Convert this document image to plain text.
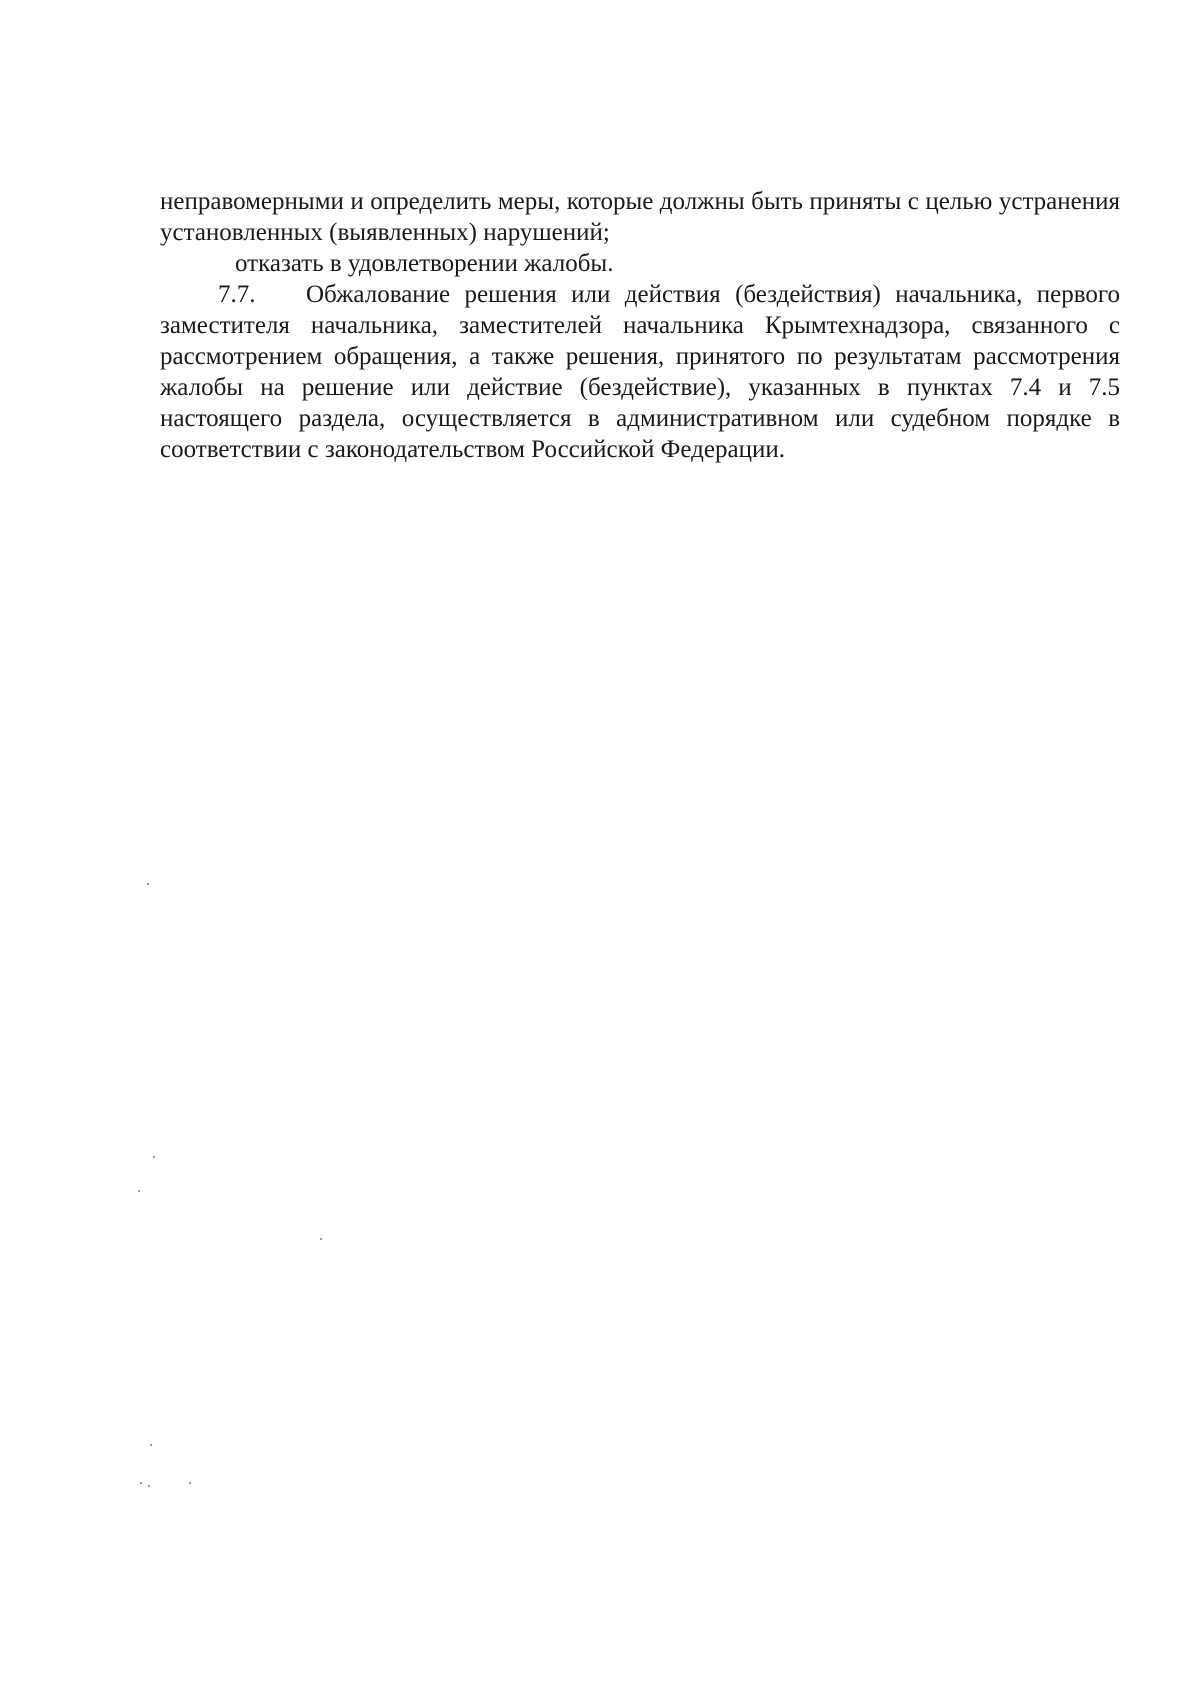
неправомерными и определить меры, которые должны быть приняты с целью устранения установленных (выявленных) нарушений;

отказать в удовлетворении жалобы.

7.7. Обжалование решения или действия (бездействия) начальника, первого заместителя начальника, заместителей начальника Крымтехнадзора, связанного с рассмотрением обращения, а также решения, принятого по результатам рассмотрения жалобы на решение или действие (бездействие), указанных в пунктах 7.4 и 7.5 настоящего раздела, осуществляется в административном или судебном порядке в соответствии с законодательством Российской Федерации.
